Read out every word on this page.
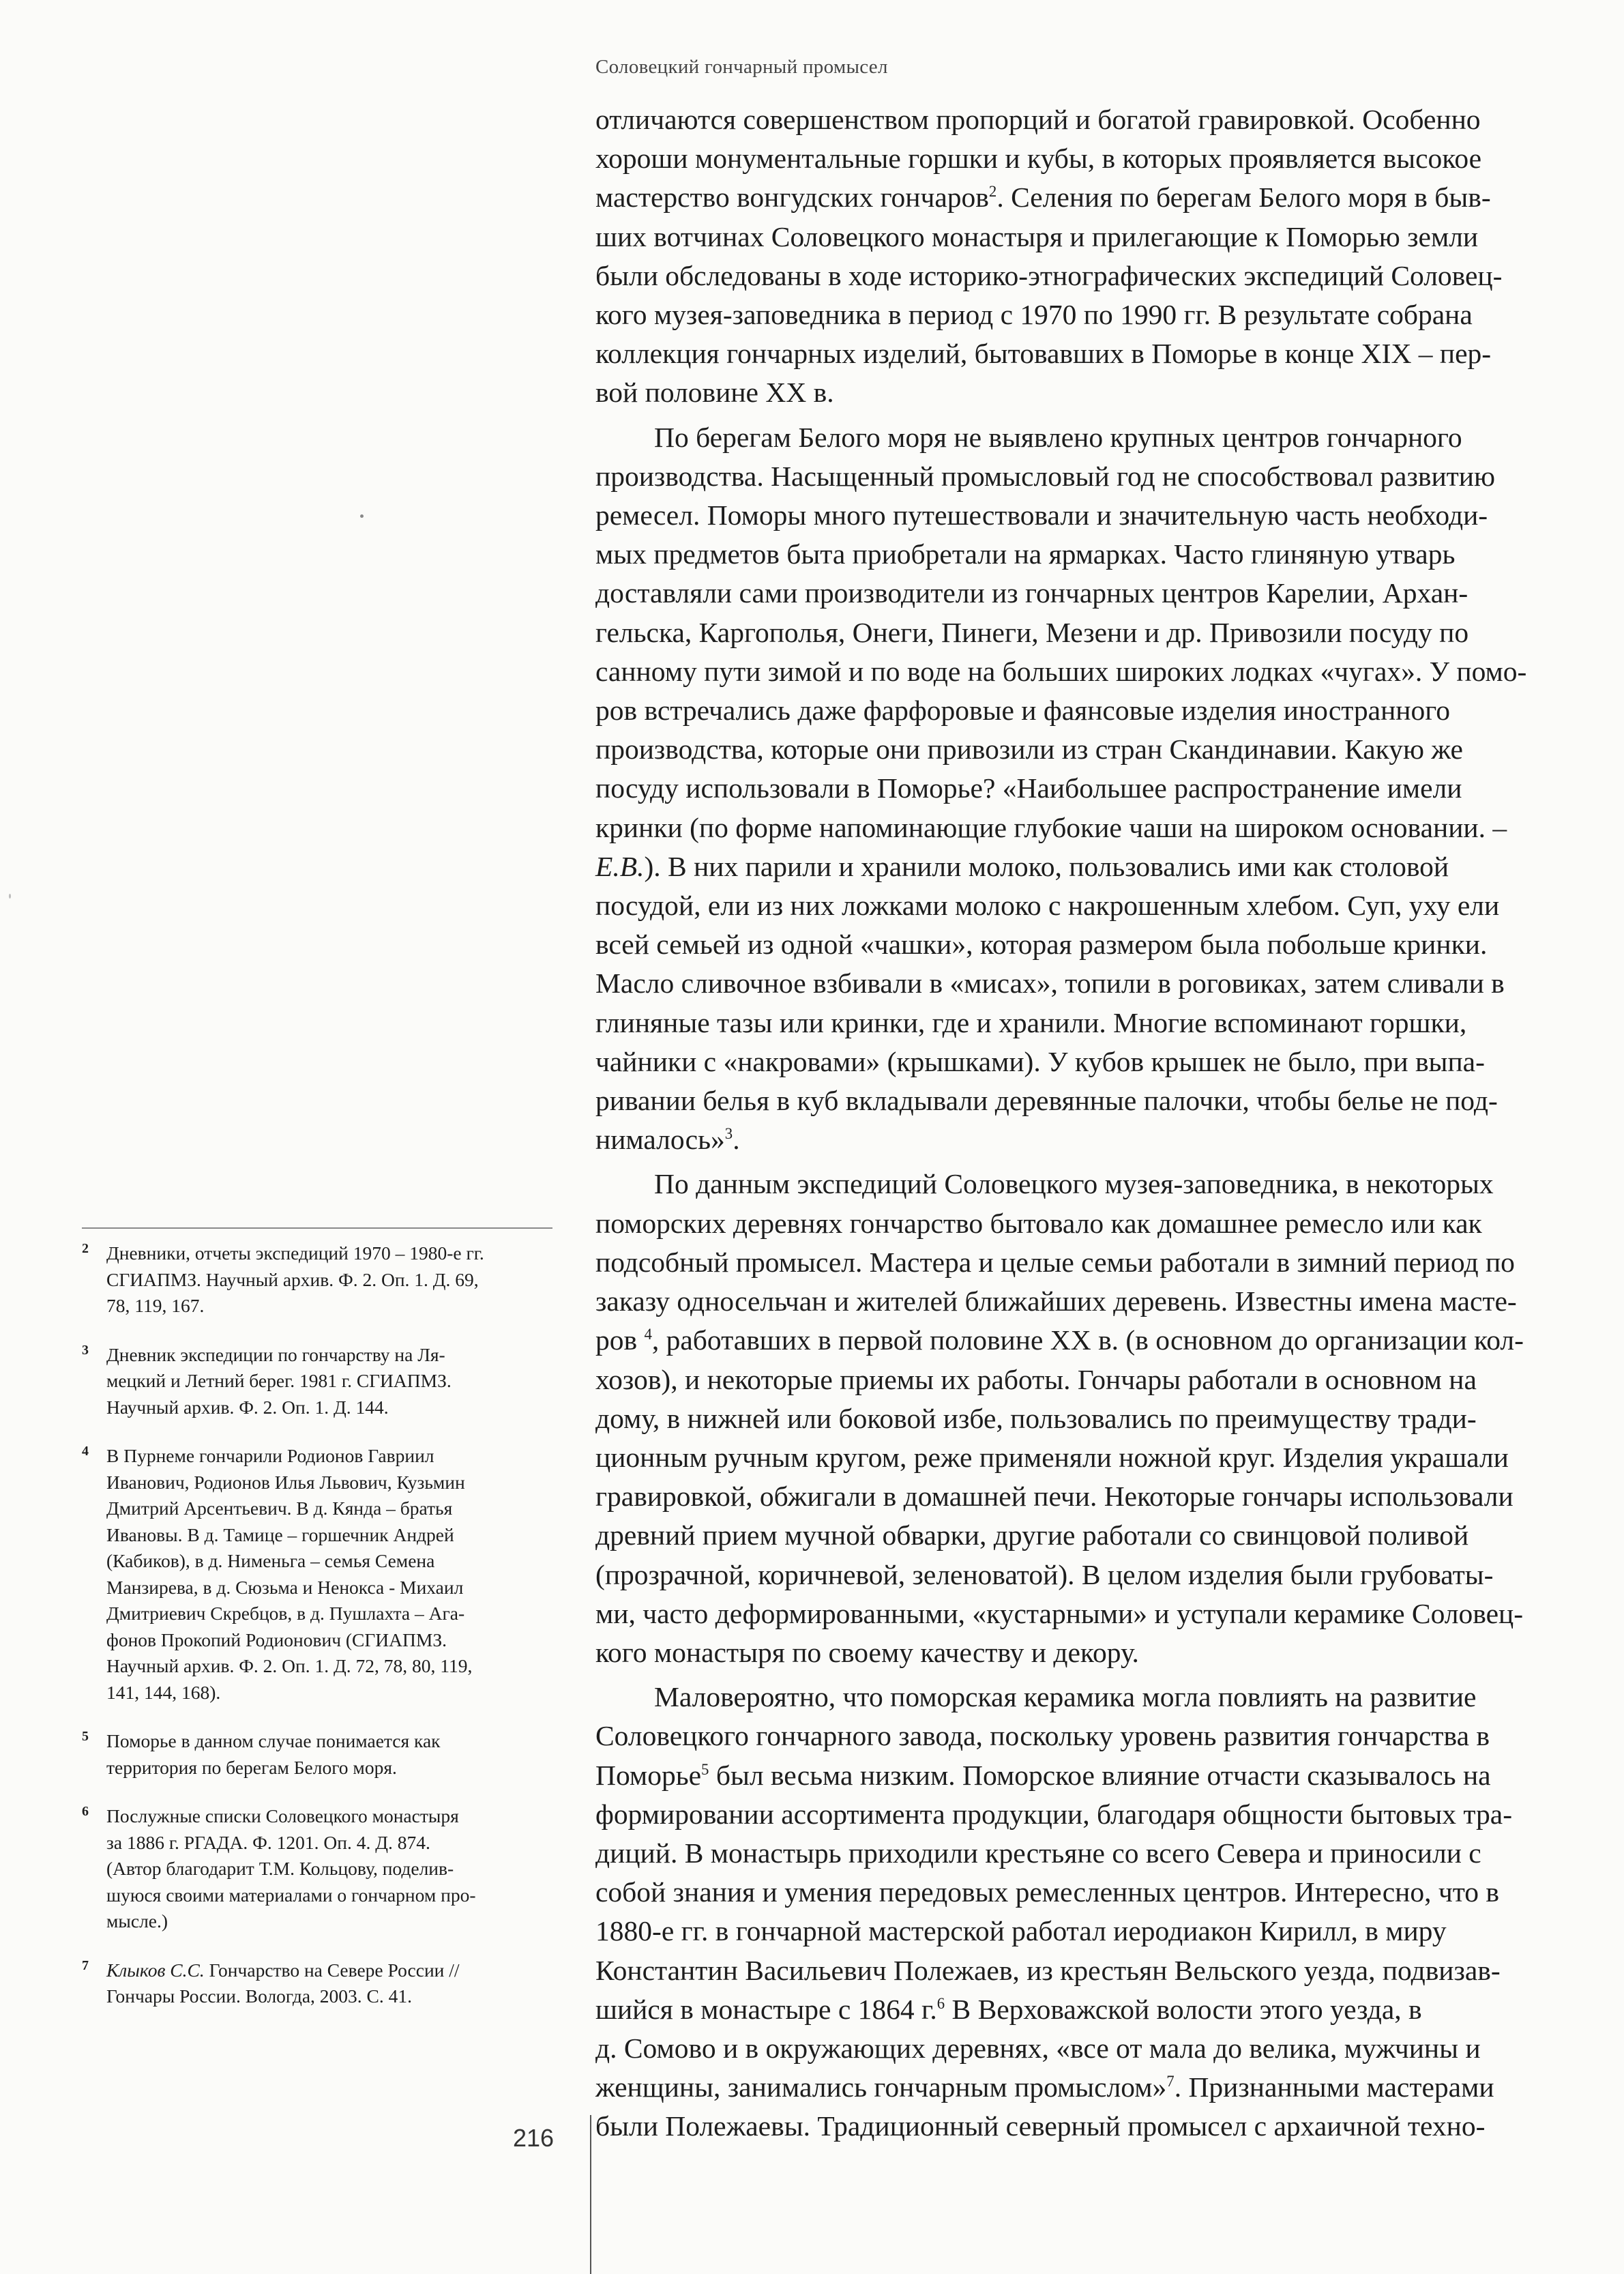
Соловецкий гончарный промысел

отличаются совершенством пропорций и богатой гравировкой. Особенно
хороши монументальные горшки и кубы, в которых проявляется высокое
мастерство вонгудских гончаров$^2$. Селения по берегам Белого моря в быв-
ших вотчинах Соловецкого монастыря и прилегающие к Поморью земли
были обследованы в ходе историко-этнографических экспедиций Соловец-
кого музея-заповедника в период с 1970 по 1990 гг. В результате собрана
коллекция гончарных изделий, бытовавших в Поморье в конце XIX – пер-
вой половине XX в.

По берегам Белого моря не выявлено крупных центров гончарного
производства. Насыщенный промысловый год не способствовал развитию
ремесел. Поморы много путешествовали и значительную часть необходи-
мых предметов быта приобретали на ярмарках. Часто глиняную утварь
доставляли сами производители из гончарных центров Карелии, Архан-
гельска, Каргополья, Онеги, Пинеги, Мезени и др. Привозили посуду по
санному пути зимой и по воде на больших широких лодках «чугах». У помо-
ров встречались даже фарфоровые и фаянсовые изделия иностранного
производства, которые они привозили из стран Скандинавии. Какую же
посуду использовали в Поморье? «Наибольшее распространение имели
кринки (по форме напоминающие глубокие чаши на широком основании. –
Е.В.). В них парили и хранили молоко, пользовались ими как столовой
посудой, ели из них ложками молоко с накрошенным хлебом. Суп, уху ели
всей семьей из одной «чашки», которая размером была побольше кринки.
Масло сливочное взбивали в «мисах», топили в роговиках, затем сливали в
глиняные тазы или кринки, где и хранили. Многие вспоминают горшки,
чайники с «накровами» (крышками). У кубов крышек не было, при выпа-
ривании белья в куб вкладывали деревянные палочки, чтобы белье не под-
нималось»$^3$.

По данным экспедиций Соловецкого музея-заповедника, в некоторых
поморских деревнях гончарство бытовало как домашнее ремесло или как
подсобный промысел. Мастера и целые семьи работали в зимний период по
заказу односельчан и жителей ближайших деревень. Известны имена масте-
ров $^4$, работавших в первой половине XX в. (в основном до организации кол-
хозов), и некоторые приемы их работы. Гончары работали в основном на
дому, в нижней или боковой избе, пользовались по преимуществу тради-
ционным ручным кругом, реже применяли ножной круг. Изделия украшали
гравировкой, обжигали в домашней печи. Некоторые гончары использовали
древний прием мучной обварки, другие работали со свинцовой поливой
(прозрачной, коричневой, зеленоватой). В целом изделия были грубоваты-
ми, часто деформированными, «кустарными» и уступали керамике Соловец-
кого монастыря по своему качеству и декору.

Маловероятно, что поморская керамика могла повлиять на развитие
Соловецкого гончарного завода, поскольку уровень развития гончарства в
Поморье$^5$ был весьма низким. Поморское влияние отчасти сказывалось на
формировании ассортимента продукции, благодаря общности бытовых тра-
диций. В монастырь приходили крестьяне со всего Севера и приносили с
собой знания и умения передовых ремесленных центров. Интересно, что в
1880-е гг. в гончарной мастерской работал иеродиакон Кирилл, в миру
Константин Васильевич Полежаев, из крестьян Вельского уезда, подвизав-
шийся в монастыре с 1864 г.$^6$ В Верховажской волости этого уезда, в
д. Сомово и в окружающих деревнях, «все от мала до велика, мужчины и
женщины, занимались гончарным промыслом»$^7$. Признанными мастерами
были Полежаевы. Традиционный северный промысел с архаичной техно-

2 Дневники, отчеты экспедиций 1970 – 1980-е гг.
СГИАПМЗ. Научный архив. Ф. 2. Оп. 1. Д. 69,
78, 119, 167.
3 Дневник экспедиции по гончарству на Ля-
мецкий и Летний берег. 1981 г. СГИАПМЗ.
Научный архив. Ф. 2. Оп. 1. Д. 144.
4 В Пурнеме гончарили Родионов Гавриил
Иванович, Родионов Илья Львович, Кузьмин
Дмитрий Арсентьевич. В д. Кянда – братья
Ивановы. В д. Тамице – горшечник Андрей
(Кабиков), в д. Нименьга – семья Семена
Манзирева, в д. Сюзьма и Ненокса - Михаил
Дмитриевич Скребцов, в д. Пушлахта – Ага-
фонов Прокопий Родионович (СГИАПМЗ.
Научный архив. Ф. 2. Оп. 1. Д. 72, 78, 80, 119,
141, 144, 168).
5 Поморье в данном случае понимается как
территория по берегам Белого моря.
6 Послужные списки Соловецкого монастыря
за 1886 г. РГАДА. Ф. 1201. Оп. 4. Д. 874.
(Автор благодарит Т.М. Кольцову, поделив-
шуюся своими материалами о гончарном про-
мысле.)
7 Клыков С.С. Гончарство на Севере России //
Гончары России. Вологда, 2003. С. 41.
216
